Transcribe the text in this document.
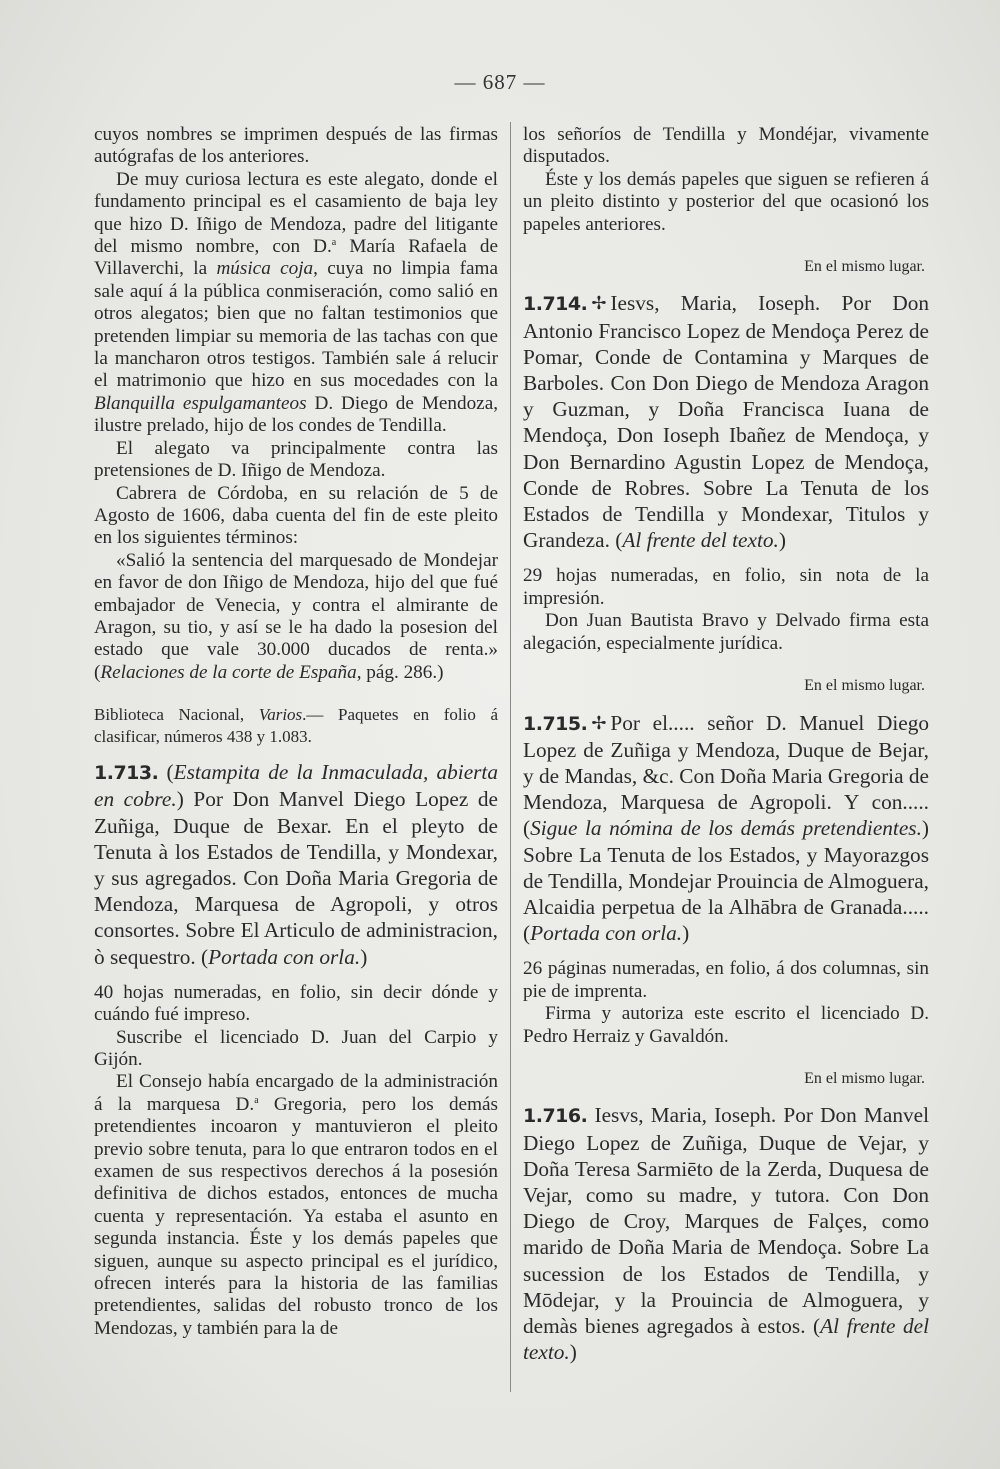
— 687 —

cuyos nombres se imprimen después de las firmas autógrafas de los anteriores.

De muy curiosa lectura es este alegato, donde el fundamento principal es el casamiento de baja ley que hizo D. Iñigo de Mendoza, padre del litigante del mismo nombre, con D.$^a$ María Rafaela de Villaverchi, la música coja, cuya no limpia fama sale aquí á la pública conmiseración, como salió en otros alegatos; bien que no faltan testimonios que pretenden limpiar su memoria de las tachas con que la mancharon otros testigos. También sale á relucir el matrimonio que hizo en sus mocedades con la Blanquilla espulgamanteos D. Diego de Mendoza, ilustre prelado, hijo de los condes de Tendilla.

El alegato va principalmente contra las pretensiones de D. Iñigo de Mendoza.

Cabrera de Córdoba, en su relación de 5 de Agosto de 1606, daba cuenta del fin de este pleito en los siguientes términos:

«Salió la sentencia del marquesado de Mondejar en favor de don Iñigo de Mendoza, hijo del que fué embajador de Venecia, y contra el almirante de Aragon, su tio, y así se le ha dado la posesion del estado que vale 30.000 ducados de renta.» (Relaciones de la corte de España, pág. 286.)

Biblioteca Nacional, Varios.— Paquetes en folio á clasificar, números 438 y 1.083.

1.713. (Estampita de la Inmaculada, abierta en cobre.) Por Don Manvel Diego Lopez de Zuñiga, Duque de Bexar. En el pleyto de Tenuta à los Estados de Tendilla, y Mondexar, y sus agregados. Con Doña Maria Gregoria de Mendoza, Marquesa de Agropoli, y otros consortes. Sobre El Articulo de administracion, ò sequestro. (Portada con orla.)

40 hojas numeradas, en folio, sin decir dónde y cuándo fué impreso.

Suscribe el licenciado D. Juan del Carpio y Gijón.

El Consejo había encargado de la administración á la marquesa D.$^a$ Gregoria, pero los demás pretendientes incoaron y mantuvieron el pleito previo sobre tenuta, para lo que entraron todos en el examen de sus respectivos derechos á la posesión definitiva de dichos estados, entonces de mucha cuenta y representación. Ya estaba el asunto en segunda instancia. Éste y los demás papeles que siguen, aunque su aspecto principal es el jurídico, ofrecen interés para la historia de las familias pretendientes, salidas del robusto tronco de los Mendozas, y también para la de

los señoríos de Tendilla y Mondéjar, vivamente disputados.

Éste y los demás papeles que siguen se refieren á un pleito distinto y posterior del que ocasionó los papeles anteriores.

En el mismo lugar.

1.714. ✢ Iesvs, Maria, Ioseph. Por Don Antonio Francisco Lopez de Mendoça Perez de Pomar, Conde de Contamina y Marques de Barboles. Con Don Diego de Mendoza Aragon y Guzman, y Doña Francisca Iuana de Mendoça, Don Ioseph Ibañez de Mendoça, y Don Bernardino Agustin Lopez de Mendoça, Conde de Robres. Sobre La Tenuta de los Estados de Tendilla y Mondexar, Titulos y Grandeza. (Al frente del texto.)

29 hojas numeradas, en folio, sin nota de la impresión.

Don Juan Bautista Bravo y Delvado firma esta alegación, especialmente jurídica.

En el mismo lugar.

1.715. ✢ Por el..... señor D. Manuel Diego Lopez de Zuñiga y Mendoza, Duque de Bejar, y de Mandas, &c. Con Doña Maria Gregoria de Mendoza, Marquesa de Agropoli. Y con..... (Sigue la nómina de los demás pretendientes.) Sobre La Tenuta de los Estados, y Mayorazgos de Tendilla, Mondejar Prouincia de Almoguera, Alcaidia perpetua de la Alhābra de Granada..... (Portada con orla.)

26 páginas numeradas, en folio, á dos columnas, sin pie de imprenta.

Firma y autoriza este escrito el licenciado D. Pedro Herraiz y Gavaldón.

En el mismo lugar.

1.716. Iesvs, Maria, Ioseph. Por Don Manvel Diego Lopez de Zuñiga, Duque de Vejar, y Doña Teresa Sarmiēto de la Zerda, Duquesa de Vejar, como su madre, y tutora. Con Don Diego de Croy, Marques de Falçes, como marido de Doña Maria de Mendoça. Sobre La sucession de los Estados de Tendilla, y Mōdejar, y la Prouincia de Almoguera, y demàs bienes agregados à estos. (Al frente del texto.)
